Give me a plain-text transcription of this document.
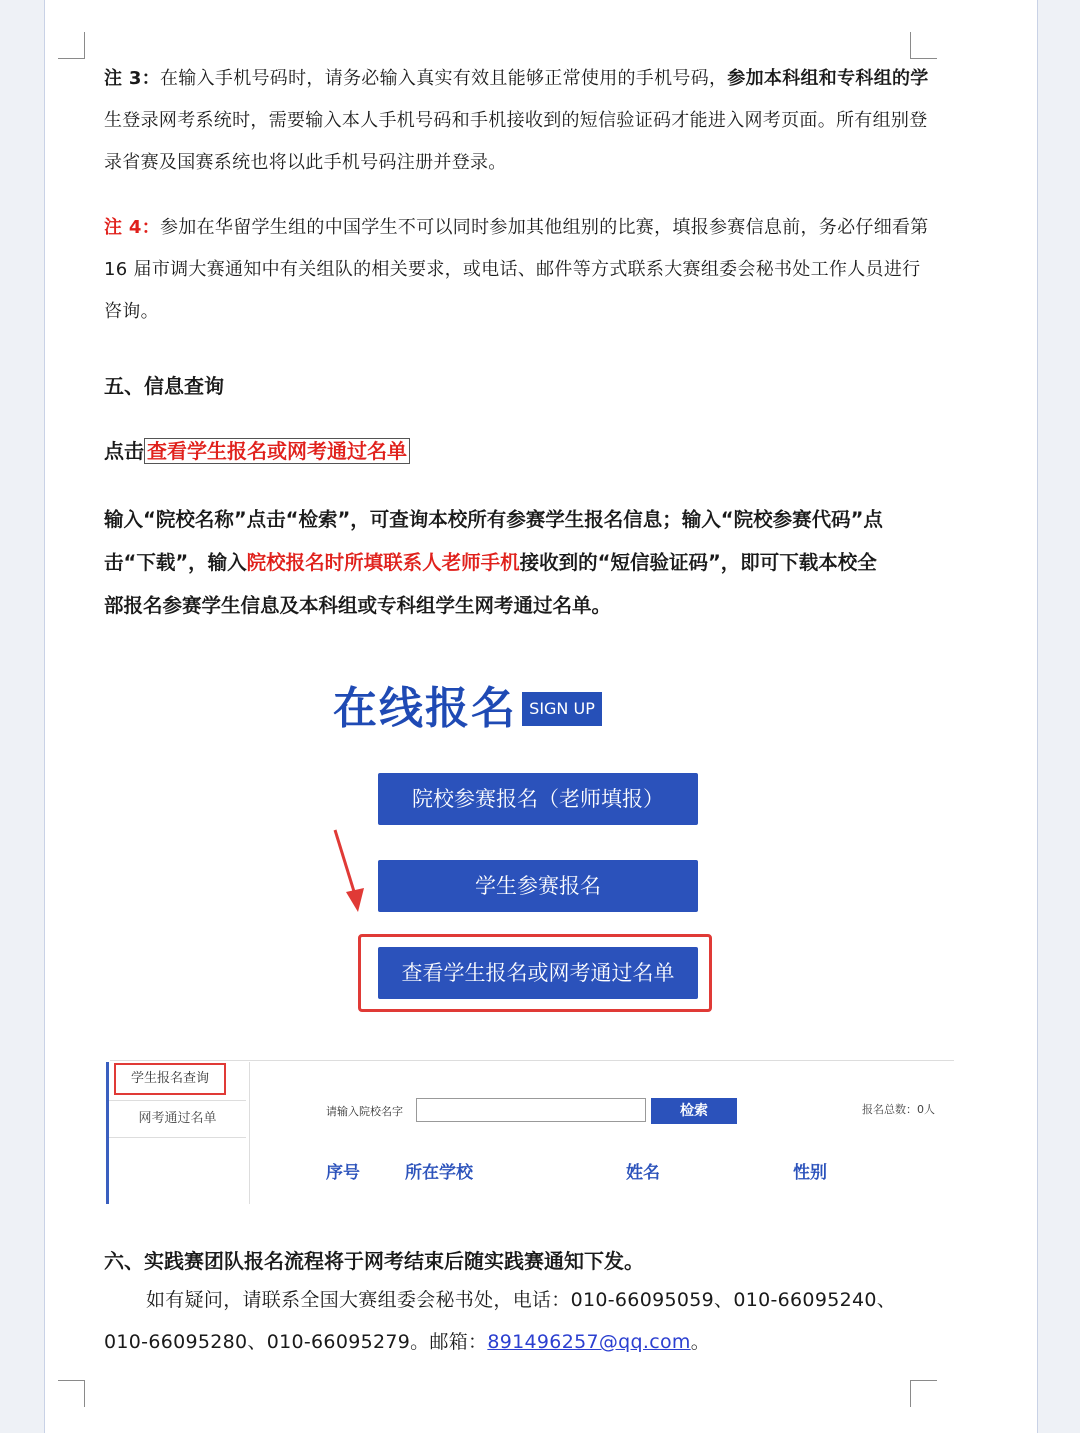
注 3：在输入手机号码时，请务必输入真实有效且能够正常使用的手机号码，参加本科组和专科组的学
生登录网考系统时，需要输入本人手机号码和手机接收到的短信验证码才能进入网考页面。所有组别登
录省赛及国赛系统也将以此手机号码注册并登录。
注 4：参加在华留学生组的中国学生不可以同时参加其他组别的比赛，填报参赛信息前，务必仔细看第
16 届市调大赛通知中有关组队的相关要求，或电话、邮件等方式联系大赛组委会秘书处工作人员进行
咨询。
五、信息查询
点击 查看学生报名或网考通过名单
输入“院校名称”点击“检索”，可查询本校所有参赛学生报名信息；输入“院校参赛代码”点
击“下载”，输入院校报名时所填联系人老师手机接收到的“短信验证码”，即可下载本校全
部报名参赛学生信息及本科组或专科组学生网考通过名单。
在线报名 SIGN UP
院校参赛报名（老师填报）
学生参赛报名
查看学生报名或网考通过名单
学生报名查询
网考通过名单	请输入院校名字	检索	报名总数：0人
序号	所在学校	姓名	性别
六、实践赛团队报名流程将于网考结束后随实践赛通知下发。
如有疑问，请联系全国大赛组委会秘书处，电话：010-66095059、010-66095240、
010-66095280、010-66095279。邮箱：891496257@qq.com。
